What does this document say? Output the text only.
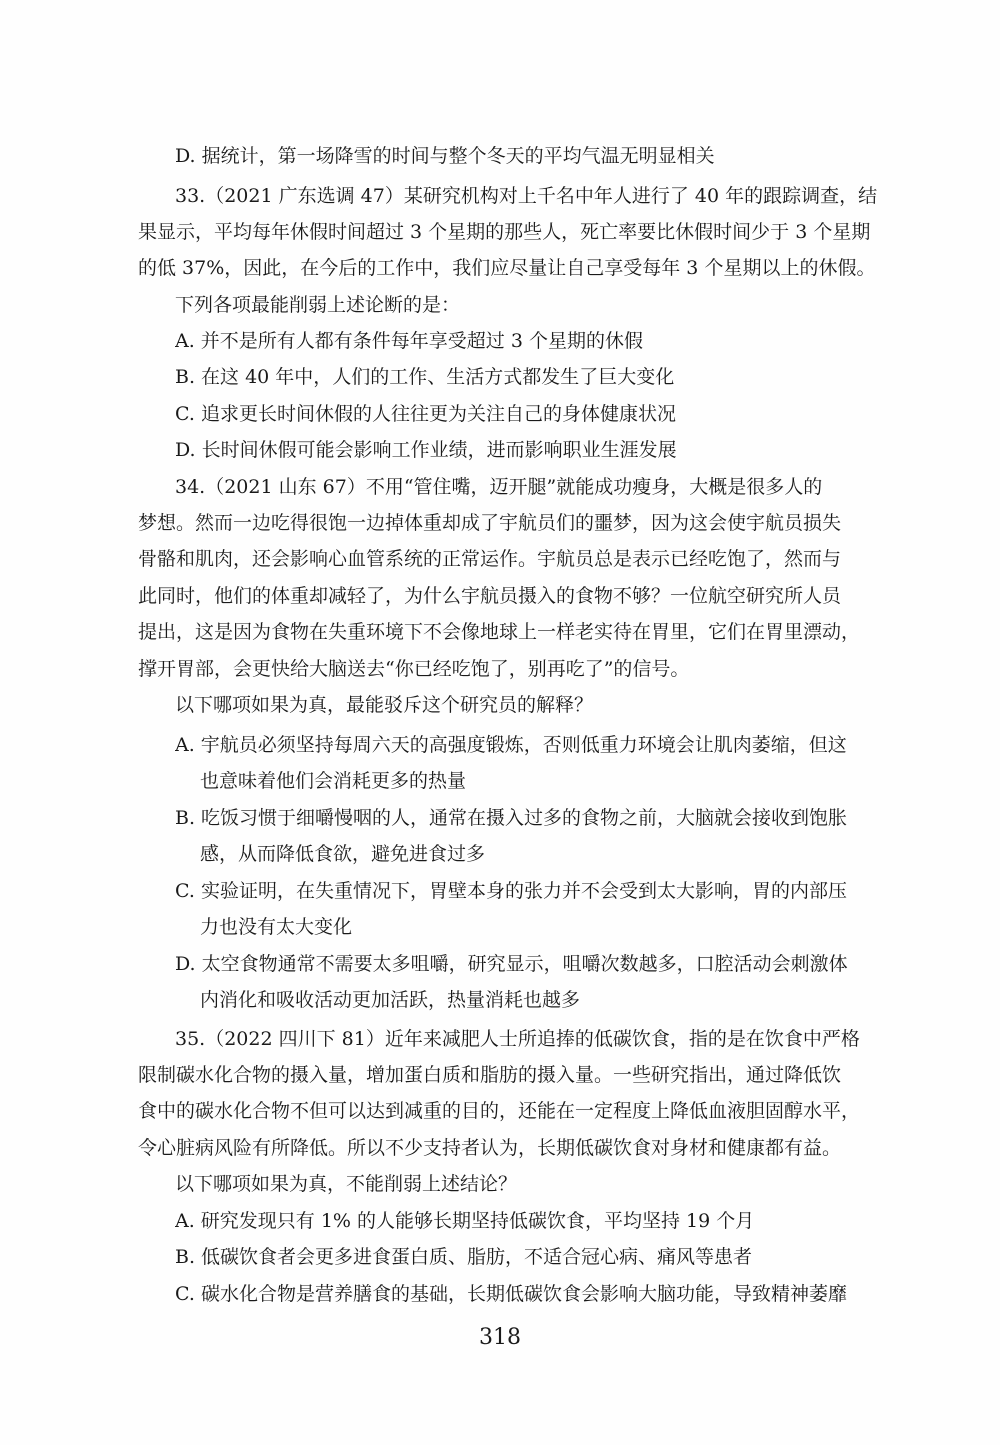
D. 据统计，第一场降雪的时间与整个冬天的平均气温无明显相关
33.（2021 广东选调 47）某研究机构对上千名中年人进行了 40 年的跟踪调查，结
果显示，平均每年休假时间超过 3 个星期的那些人，死亡率要比休假时间少于 3 个星期
的低 37%，因此，在今后的工作中，我们应尽量让自己享受每年 3 个星期以上的休假。
下列各项最能削弱上述论断的是：
A. 并不是所有人都有条件每年享受超过 3 个星期的休假
B. 在这 40 年中，人们的工作、生活方式都发生了巨大变化
C. 追求更长时间休假的人往往更为关注自己的身体健康状况
D. 长时间休假可能会影响工作业绩，进而影响职业生涯发展
34.（2021 山东 67）不用“管住嘴，迈开腿”就能成功瘦身，大概是很多人的
梦想。然而一边吃得很饱一边掉体重却成了宇航员们的噩梦，因为这会使宇航员损失
骨骼和肌肉，还会影响心血管系统的正常运作。宇航员总是表示已经吃饱了，然而与
此同时，他们的体重却减轻了，为什么宇航员摄入的食物不够？一位航空研究所人员
提出，这是因为食物在失重环境下不会像地球上一样老实待在胃里，它们在胃里漂动，
撑开胃部，会更快给大脑送去“你已经吃饱了，别再吃了”的信号。
以下哪项如果为真，最能驳斥这个研究员的解释？
A. 宇航员必须坚持每周六天的高强度锻炼，否则低重力环境会让肌肉萎缩，但这
也意味着他们会消耗更多的热量
B. 吃饭习惯于细嚼慢咽的人，通常在摄入过多的食物之前，大脑就会接收到饱胀
感，从而降低食欲，避免进食过多
C. 实验证明，在失重情况下，胃壁本身的张力并不会受到太大影响，胃的内部压
力也没有太大变化
D. 太空食物通常不需要太多咀嚼，研究显示，咀嚼次数越多，口腔活动会刺激体
内消化和吸收活动更加活跃，热量消耗也越多
35.（2022 四川下 81）近年来减肥人士所追捧的低碳饮食，指的是在饮食中严格
限制碳水化合物的摄入量，增加蛋白质和脂肪的摄入量。一些研究指出，通过降低饮
食中的碳水化合物不但可以达到减重的目的，还能在一定程度上降低血液胆固醇水平，
令心脏病风险有所降低。所以不少支持者认为，长期低碳饮食对身材和健康都有益。
以下哪项如果为真，不能削弱上述结论？
A. 研究发现只有 1% 的人能够长期坚持低碳饮食，平均坚持 19 个月
B. 低碳饮食者会更多进食蛋白质、脂肪，不适合冠心病、痛风等患者
C. 碳水化合物是营养膳食的基础，长期低碳饮食会影响大脑功能，导致精神萎靡
318
